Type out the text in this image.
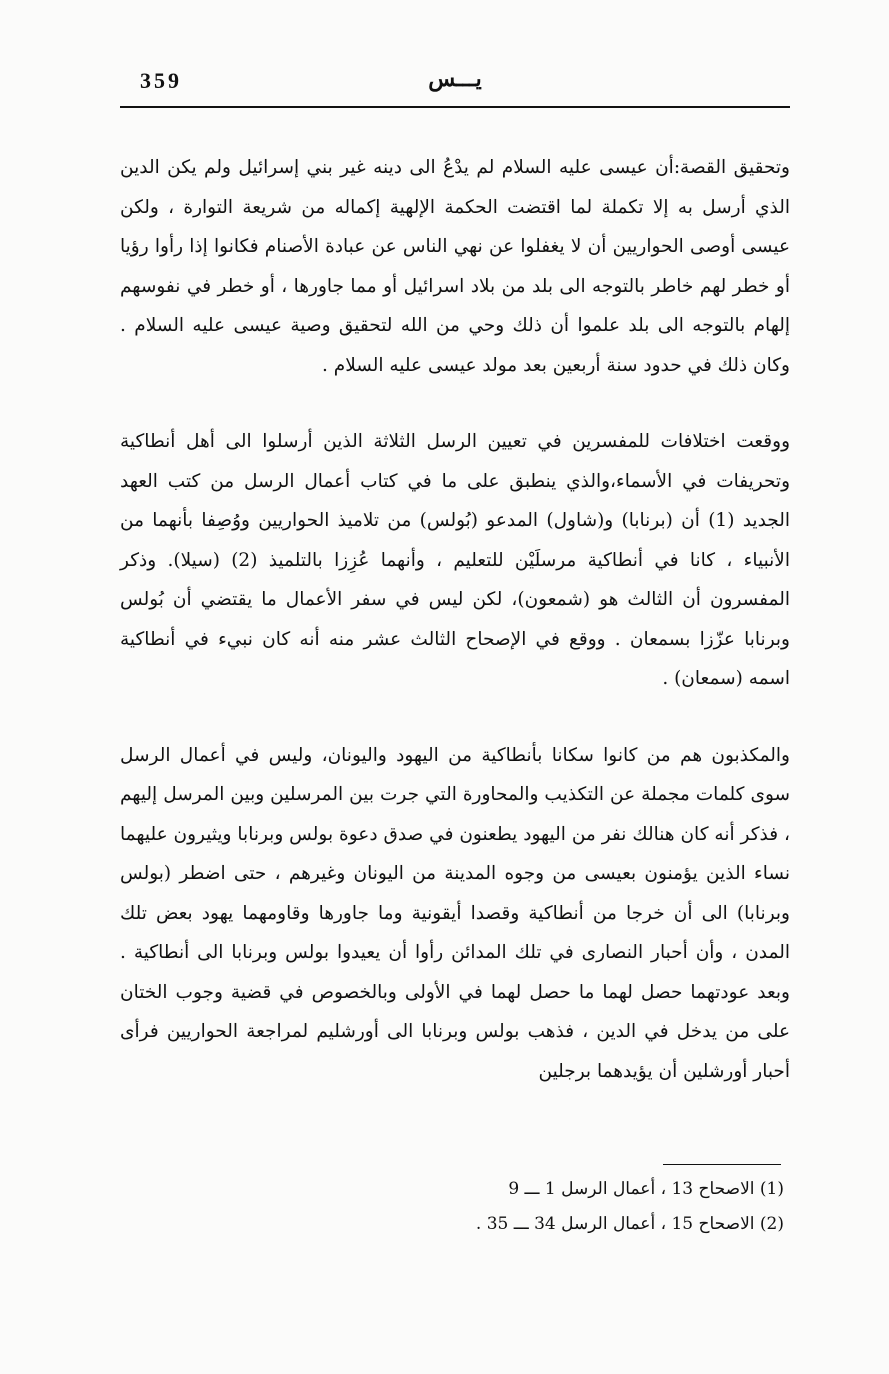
359	يـــس

وتحقيق القصة:أن عيسى عليه السلام لم يدْعُ الى دينه غير بني إسرائيل ولم يكن الدين الذي أرسل به إلا تكملة لما اقتضت الحكمة الإلهية إكماله من شريعة التوارة ، ولكن عيسى أوصى الحواريين أن لا يغفلوا عن نهي الناس عن عبادة الأصنام فكانوا إذا رأوا رؤيا أو خطر لهم خاطر بالتوجه الى بلد من بلاد اسرائيل أو مما جاورها ، أو خطر في نفوسهم إلهام بالتوجه الى بلد علموا أن ذلك وحي من الله لتحقيق وصية عيسى عليه السلام . وكان ذلك في حدود سنة أربعين بعد مولد عيسى عليه السلام .

ووقعت اختلافات للمفسرين في تعيين الرسل الثلاثة الذين أرسلوا الى أهل أنطاكية وتحريفات في الأسماء،والذي ينطبق على ما في كتاب أعمال الرسل من كتب العهد الجديد (1) أن (برنابا) و(شاول) المدعو (بُولس) من تلاميذ الحواريين ووُصِفا بأنهما من الأنبياء ، كانا في أنطاكية مرسلَيْن للتعليم ، وأنهما عُزِزا بالتلميذ (2) (سيلا). وذكر المفسرون أن الثالث هو (شمعون)، لكن ليس في سفر الأعمال ما يقتضي أن بُولس وبرنابا عزّزا بسمعان . ووقع في الإصحاح الثالث عشر منه أنه كان نبيء في أنطاكية اسمه (سمعان) .

والمكذبون هم من كانوا سكانا بأنطاكية من اليهود واليونان، وليس في أعمال الرسل سوى كلمات مجملة عن التكذيب والمحاورة التي جرت بين المرسلين وبين المرسل إليهم ، فذكر أنه كان هنالك نفر من اليهود يطعنون في صدق دعوة بولس وبرنابا ويثيرون عليهما نساء الذين يؤمنون بعيسى من وجوه المدينة من اليونان وغيرهم ، حتى اضطر (بولس وبرنابا) الى أن خرجا من أنطاكية وقصدا أيقونية وما جاورها وقاومهما يهود بعض تلك المدن ، وأن أحبار النصارى في تلك المدائن رأوا أن يعيدوا بولس وبرنابا الى أنطاكية . وبعد عودتهما حصل لهما ما حصل لهما في الأولى وبالخصوص في قضية وجوب الختان على من يدخل في الدين ، فذهب بولس وبرنابا الى أورشليم لمراجعة الحواريين فرأى أحبار أورشلين أن يؤيدهما برجلين

(1) الاصحاح 13 ، أعمال الرسل 1 ـــ 9
(2) الاصحاح 15 ، أعمال الرسل 34 ـــ 35 .
